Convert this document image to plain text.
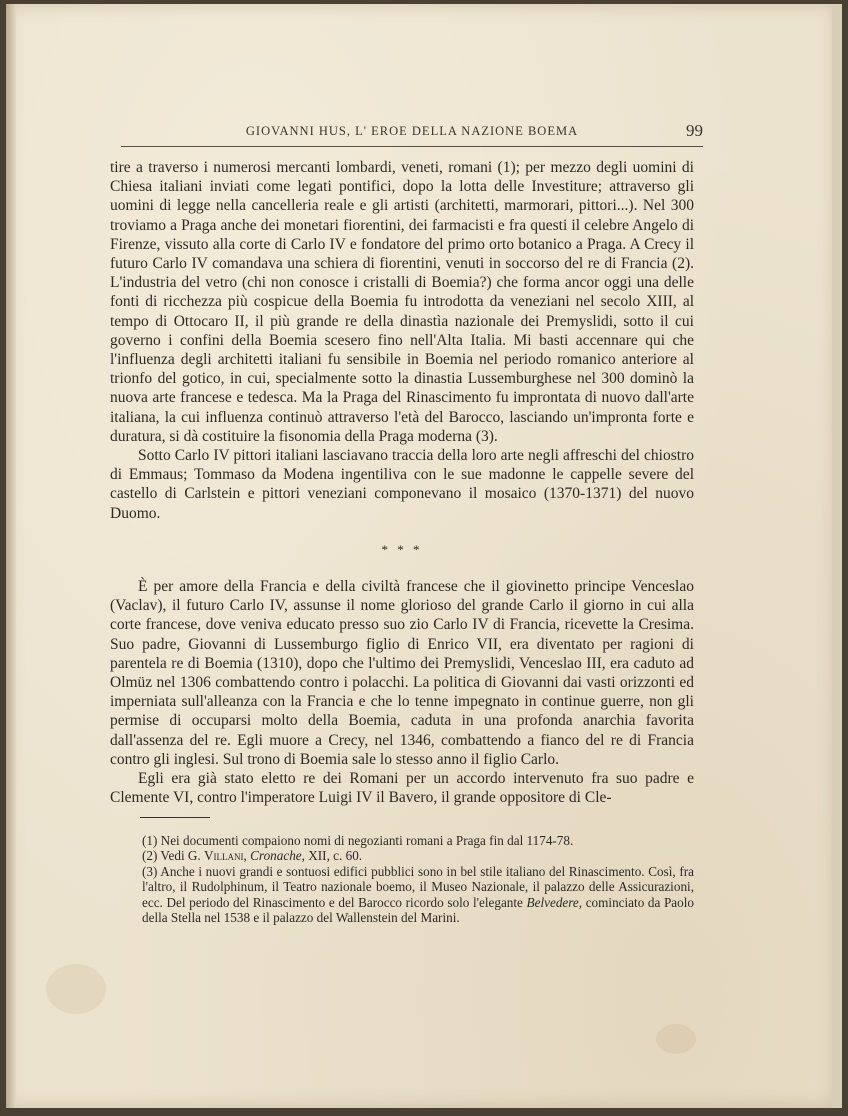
GIOVANNI HUS, L' EROE DELLA NAZIONE BOEMA	99

tire a traverso i numerosi mercanti lombardi, veneti, romani (1); per mezzo degli uomini di Chiesa italiani inviati come legati pontifici, dopo la lotta delle Investiture; attraverso gli uomini di legge nella cancelleria reale e gli artisti (architetti, marmorari, pittori...). Nel 300 troviamo a Praga anche dei monetari fiorentini, dei farmacisti e fra questi il celebre Angelo di Firenze, vissuto alla corte di Carlo IV e fondatore del primo orto botanico a Praga. A Crecy il futuro Carlo IV comandava una schiera di fiorentini, venuti in soccorso del re di Francia (2). L'industria del vetro (chi non conosce i cristalli di Boemia?) che forma ancor oggi una delle fonti di ricchezza più cospicue della Boemia fu introdotta da veneziani nel secolo XIII, al tempo di Ottocaro II, il più grande re della dinastìa nazionale dei Premyslidi, sotto il cui governo i confini della Boemia scesero fino nell'Alta Italia. Mi basti accennare qui che l'influenza degli architetti italiani fu sensibile in Boemia nel periodo romanico anteriore al trionfo del gotico, in cui, specialmente sotto la dinastia Lussemburghese nel 300 dominò la nuova arte francese e tedesca. Ma la Praga del Rinascimento fu improntata di nuovo dall'arte italiana, la cui influenza continuò attraverso l'età del Barocco, lasciando un'impronta forte e duratura, si dà costituire la fisonomia della Praga moderna (3).

Sotto Carlo IV pittori italiani lasciavano traccia della loro arte negli affreschi del chiostro di Emmaus; Tommaso da Modena ingentiliva con le sue madonne le cappelle severe del castello di Carlstein e pittori veneziani componevano il mosaico (1370-1371) del nuovo Duomo.

* * *

È per amore della Francia e della civiltà francese che il giovinetto principe Venceslao (Vaclav), il futuro Carlo IV, assunse il nome glorioso del grande Carlo il giorno in cui alla corte francese, dove veniva educato presso suo zio Carlo IV di Francia, ricevette la Cresima. Suo padre, Giovanni di Lussemburgo figlio di Enrico VII, era diventato per ragioni di parentela re di Boemia (1310), dopo che l'ultimo dei Premyslidi, Venceslao III, era caduto ad Olmüz nel 1306 combattendo contro i polacchi. La politica di Giovanni dai vasti orizzonti ed imperniata sull'alleanza con la Francia e che lo tenne impegnato in continue guerre, non gli permise di occuparsi molto della Boemia, caduta in una profonda anarchia favorita dall'assenza del re. Egli muore a Crecy, nel 1346, combattendo a fianco del re di Francia contro gli inglesi. Sul trono di Boemia sale lo stesso anno il figlio Carlo.

Egli era già stato eletto re dei Romani per un accordo intervenuto fra suo padre e Clemente VI, contro l'imperatore Luigi IV il Bavero, il grande oppositore di Cle-

(1) Nei documenti compaiono nomi di negozianti romani a Praga fin dal 1174-78.

(2) Vedi G. Villani, Cronache, XII, c. 60.

(3) Anche i nuovi grandi e sontuosi edifici pubblici sono in bel stile italiano del Rinascimento. Così, fra l'altro, il Rudolphinum, il Teatro nazionale boemo, il Museo Nazionale, il palazzo delle Assicurazioni, ecc. Del periodo del Rinascimento e del Barocco ricordo solo l'elegante Belvedere, cominciato da Paolo della Stella nel 1538 e il palazzo del Wallenstein del Marini.
